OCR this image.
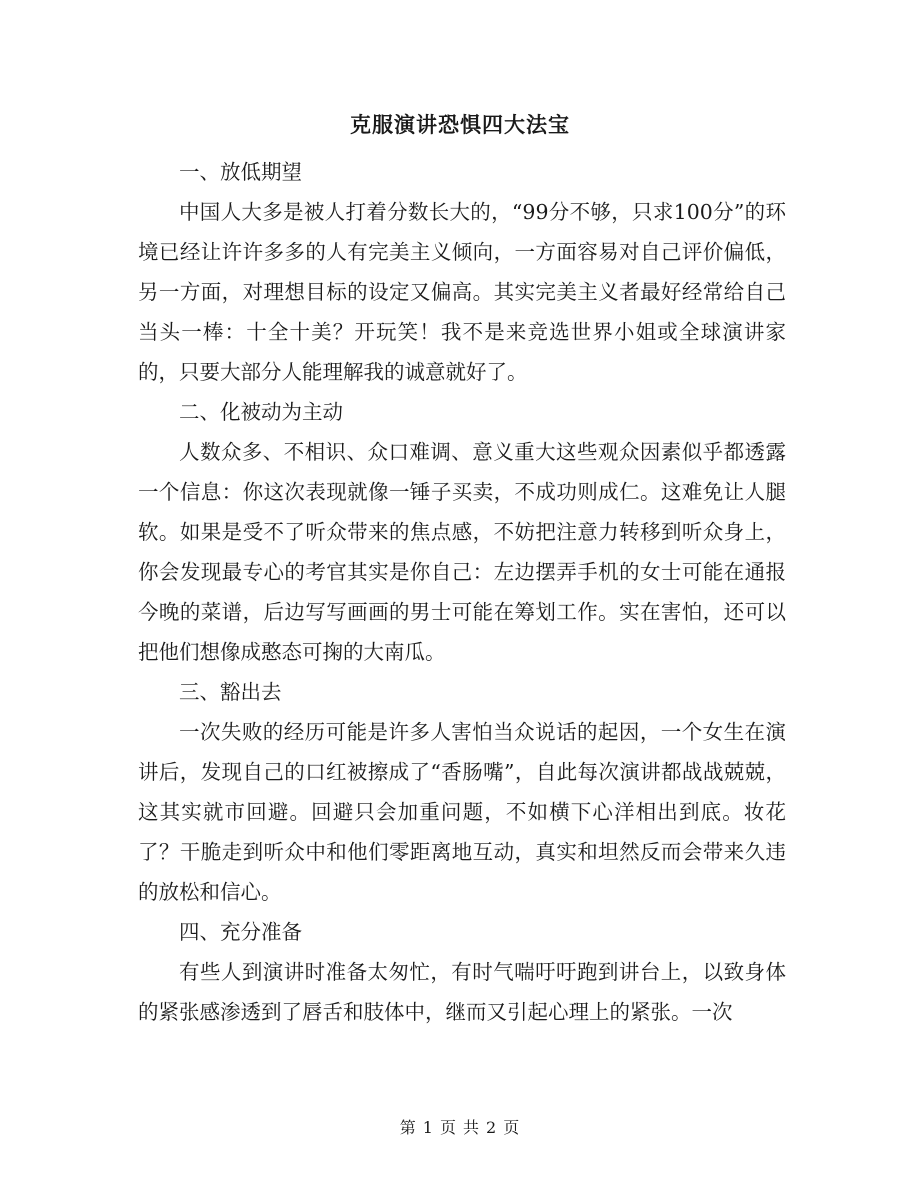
克服演讲恐惧四大法宝

一、放低期望

中国人大多是被人打着分数长大的，“99分不够，只求100分”的环境已经让许许多多的人有完美主义倾向，一方面容易对自己评价偏低，另一方面，对理想目标的设定又偏高。其实完美主义者最好经常给自己当头一棒：十全十美？开玩笑！我不是来竞选世界小姐或全球演讲家的，只要大部分人能理解我的诚意就好了。

二、化被动为主动

人数众多、不相识、众口难调、意义重大这些观众因素似乎都透露一个信息：你这次表现就像一锤子买卖，不成功则成仁。这难免让人腿软。如果是受不了听众带来的焦点感，不妨把注意力转移到听众身上，你会发现最专心的考官其实是你自己：左边摆弄手机的女士可能在通报今晚的菜谱，后边写写画画的男士可能在筹划工作。实在害怕，还可以把他们想像成憨态可掬的大南瓜。

三、豁出去

一次失败的经历可能是许多人害怕当众说话的起因，一个女生在演讲后，发现自己的口红被擦成了“香肠嘴”，自此每次演讲都战战兢兢，这其实就市回避。回避只会加重问题，不如横下心洋相出到底。妆花了？干脆走到听众中和他们零距离地互动，真实和坦然反而会带来久违的放松和信心。

四、充分准备

有些人到演讲时准备太匆忙，有时气喘吁吁跑到讲台上，以致身体的紧张感渗透到了唇舌和肢体中，继而又引起心理上的紧张。一次

第 1 页 共 2 页
